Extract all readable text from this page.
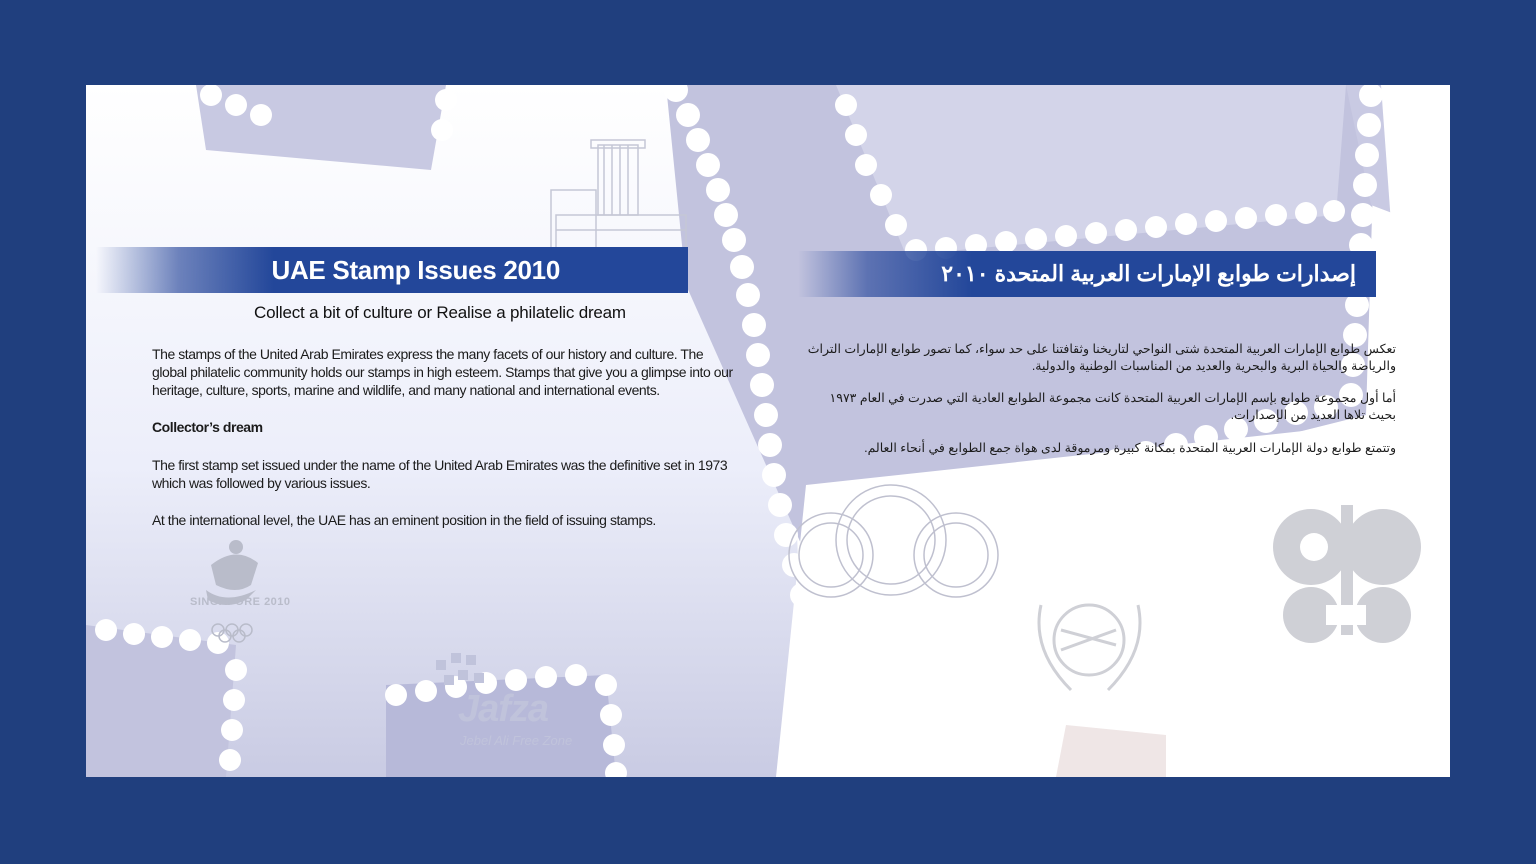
UAE Stamp Issues 2010
Collect a bit of culture or Realise a philatelic dream
The stamps of the United Arab Emirates express the many facets of our history and culture. The global philatelic community holds our stamps in high esteem. Stamps that give you a glimpse into our heritage, culture, sports, marine and wildlife, and many national and international events.
Collector’s dream
The first stamp set issued under the name of the United Arab Emirates was the definitive set in 1973 which was followed by various issues.
At the international level, the UAE has an eminent position in the field of issuing stamps.
إصدارات طوابع الإمارات العربية المتحدة ٢٠١٠
تعكس طوابع الإمارات العربية المتحدة شتى النواحي لتاريخنا وثقافتنا على حد سواء، كما تصور طوابع الإمارات التراث والرياضة والحياة البرية والبحرية والعديد من المناسبات الوطنية والدولية.
أما أول مجموعة طوابع بإسم الإمارات العربية المتحدة كانت مجموعة الطوابع العادية التي صدرت في العام ١٩٧٣ بحيث تلاها العديد من الإصدارات.
وتتمتع طوابع دولة الإمارات العربية المتحدة بمكانة كبيرة ومرموقة لدى هواة جمع الطوابع في أنحاء العالم.
SINGAPORE 2010
Jafza
Jebel Ali Free Zone
